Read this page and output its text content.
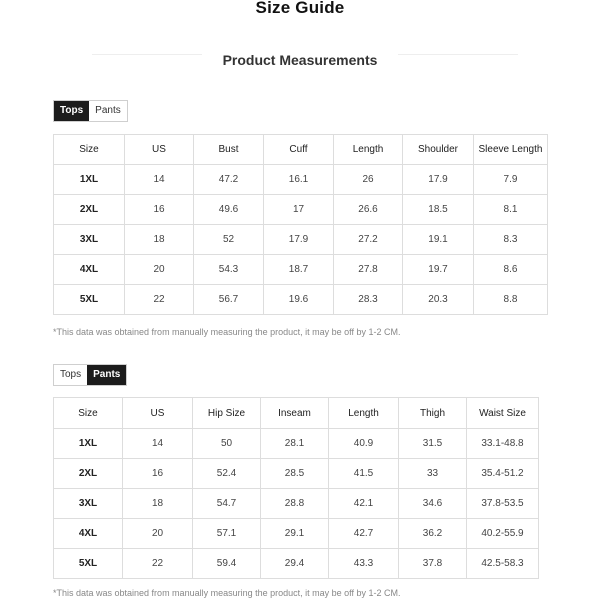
Size Guide
Product Measurements
Tops	Pants
Size	US	Bust	Cuff	Length	Shoulder	Sleeve Length
1XL	14	47.2	16.1	26	17.9	7.9
2XL	16	49.6	17	26.6	18.5	8.1
3XL	18	52	17.9	27.2	19.1	8.3
4XL	20	54.3	18.7	27.8	19.7	8.6
5XL	22	56.7	19.6	28.3	20.3	8.8
*This data was obtained from manually measuring the product, it may be off by 1-2 CM.
Tops	Pants
Size	US	Hip Size	Inseam	Length	Thigh	Waist Size
1XL	14	50	28.1	40.9	31.5	33.1-48.8
2XL	16	52.4	28.5	41.5	33	35.4-51.2
3XL	18	54.7	28.8	42.1	34.6	37.8-53.5
4XL	20	57.1	29.1	42.7	36.2	40.2-55.9
5XL	22	59.4	29.4	43.3	37.8	42.5-58.3
*This data was obtained from manually measuring the product, it may be off by 1-2 CM.
